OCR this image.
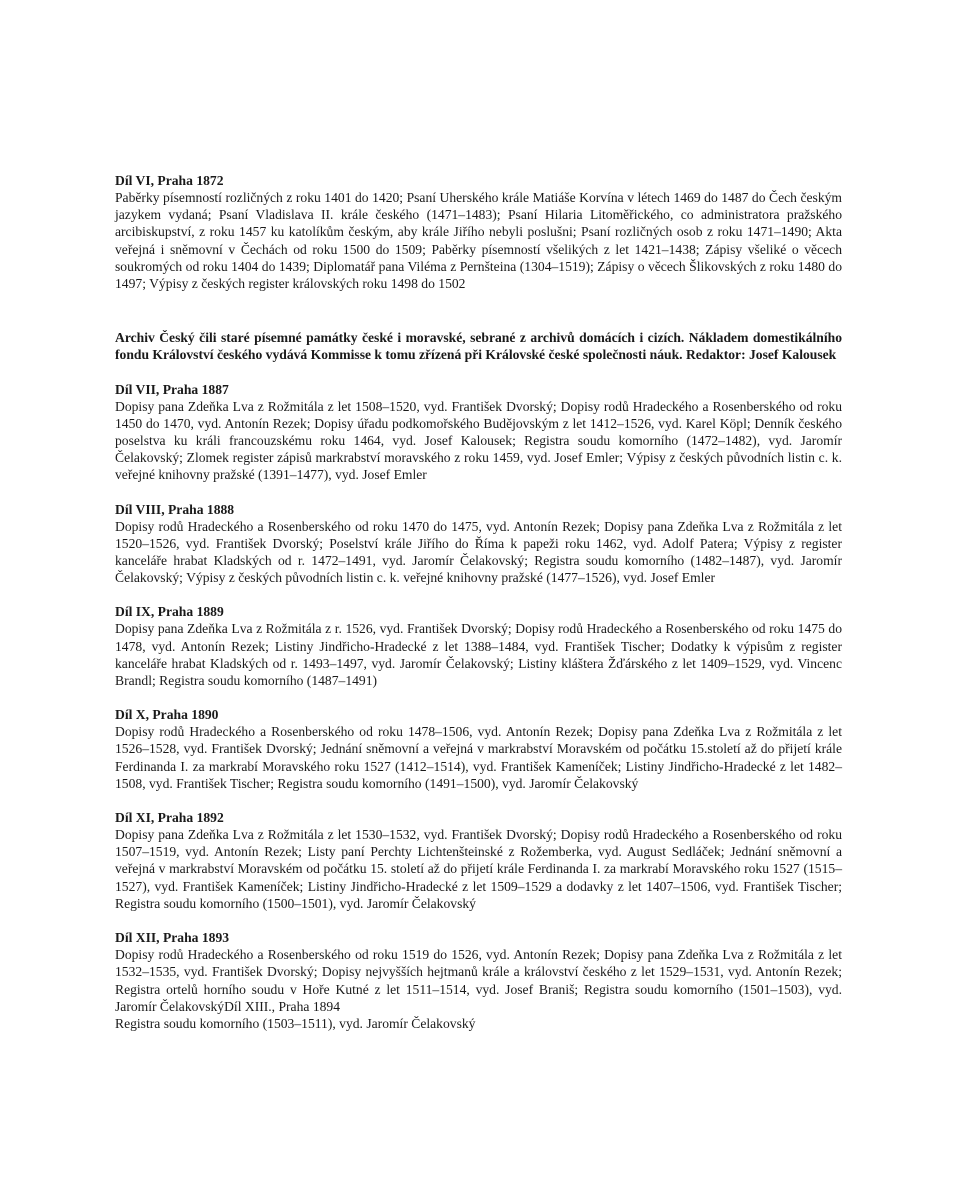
Díl VI, Praha 1872

Paběrky písemností rozličných z roku 1401 do 1420; Psaní Uherského krále Matiáše Korvína v létech 1469 do 1487 do Čech českým jazykem vydaná; Psaní Vladislava II. krále českého (1471–1483); Psaní Hilaria Litoměřického, co administratora pražského arcibiskupství, z roku 1457 ku katolíkům českým, aby krále Jiřího nebyli poslušni; Psaní rozličných osob z roku 1471–1490; Akta veřejná i sněmovní v Čechách od roku 1500 do 1509; Paběrky písemností všelikých z let 1421–1438; Zápisy všeliké o věcech soukromých od roku 1404 do 1439; Diplomatář pana Viléma z Pernšteina (1304–1519); Zápisy o věcech Šlikovských z roku 1480 do 1497; Výpisy z českých register královských roku 1498 do 1502

Archiv Český čili staré písemné památky české i moravské, sebrané z archivů domácích i cizích. Nákladem domestikálního fondu Království českého vydává Kommisse k tomu zřízená při Královské české společnosti náuk. Redaktor: Josef Kalousek

Díl VII, Praha 1887

Dopisy pana Zdeňka Lva z Rožmitála z let 1508–1520, vyd. František Dvorský; Dopisy rodů Hradeckého a Rosenberského od roku 1450 do 1470, vyd. Antonín Rezek; Dopisy úřadu podkomořského Budějovským z let 1412–1526, vyd. Karel Köpl; Denník českého poselstva ku králi francouzskému roku 1464, vyd. Josef Kalousek; Registra soudu komorního (1472–1482), vyd. Jaromír Čelakovský; Zlomek register zápisů markrabství moravského z roku 1459, vyd. Josef Emler; Výpisy z českých původních listin c. k. veřejné knihovny pražské (1391–1477), vyd. Josef Emler

Díl VIII, Praha 1888

Dopisy rodů Hradeckého a Rosenberského od roku 1470 do 1475, vyd. Antonín Rezek; Dopisy pana Zdeňka Lva z Rožmitála z let 1520–1526, vyd. František Dvorský; Poselství krále Jiřího do Říma k papeži roku 1462, vyd. Adolf Patera; Výpisy z register kanceláře hrabat Kladských od r. 1472–1491, vyd. Jaromír Čelakovský; Registra soudu komorního (1482–1487), vyd. Jaromír Čelakovský; Výpisy z českých původních listin c. k. veřejné knihovny pražské (1477–1526), vyd. Josef Emler

Díl IX, Praha 1889

Dopisy pana Zdeňka Lva z Rožmitála z r. 1526, vyd. František Dvorský; Dopisy rodů Hradeckého a Rosenberského od roku 1475 do 1478, vyd. Antonín Rezek; Listiny Jindřicho-Hradecké z let 1388–1484, vyd. František Tischer; Dodatky k výpisům z register kanceláře hrabat Kladských od r. 1493–1497, vyd. Jaromír Čelakovský; Listiny kláštera Žďárského z let 1409–1529, vyd. Vincenc Brandl; Registra soudu komorního (1487–1491)

Díl X, Praha 1890

Dopisy rodů Hradeckého a Rosenberského od roku 1478–1506, vyd. Antonín Rezek; Dopisy pana Zdeňka Lva z Rožmitála z let 1526–1528, vyd. František Dvorský; Jednání sněmovní a veřejná v markrabství Moravském od počátku 15.století až do přijetí krále Ferdinanda I. za markrabí Moravského roku 1527 (1412–1514), vyd. František Kameníček; Listiny Jindřicho-Hradecké z let 1482–1508, vyd. František Tischer; Registra soudu komorního (1491–1500), vyd. Jaromír Čelakovský

Díl XI, Praha 1892

Dopisy pana Zdeňka Lva z Rožmitála z let 1530–1532, vyd. František Dvorský; Dopisy rodů Hradeckého a Rosenberského od roku 1507–1519, vyd. Antonín Rezek; Listy paní Perchty Lichtenšteinské z Rožemberka, vyd. August Sedláček; Jednání sněmovní a veřejná v markrabství Moravském od počátku 15. století až do přijetí krále Ferdinanda I. za markrabí Moravského roku 1527 (1515–1527), vyd. František Kameníček; Listiny Jindřicho-Hradecké z let 1509–1529 a dodavky z let 1407–1506, vyd. František Tischer; Registra soudu komorního (1500–1501), vyd. Jaromír Čelakovský

Díl XII, Praha 1893

Dopisy rodů Hradeckého a Rosenberského od roku 1519 do 1526, vyd. Antonín Rezek; Dopisy pana Zdeňka Lva z Rožmitála z let 1532–1535, vyd. František Dvorský; Dopisy nejvyšších hejtmanů krále a království českého z let 1529–1531, vyd. Antonín Rezek; Registra ortelů horního soudu v Hoře Kutné z let 1511–1514, vyd. Josef Braniš; Registra soudu komorního (1501–1503), vyd. Jaromír ČelakovskýDíl XIII., Praha 1894

Registra soudu komorního (1503–1511), vyd. Jaromír Čelakovský
